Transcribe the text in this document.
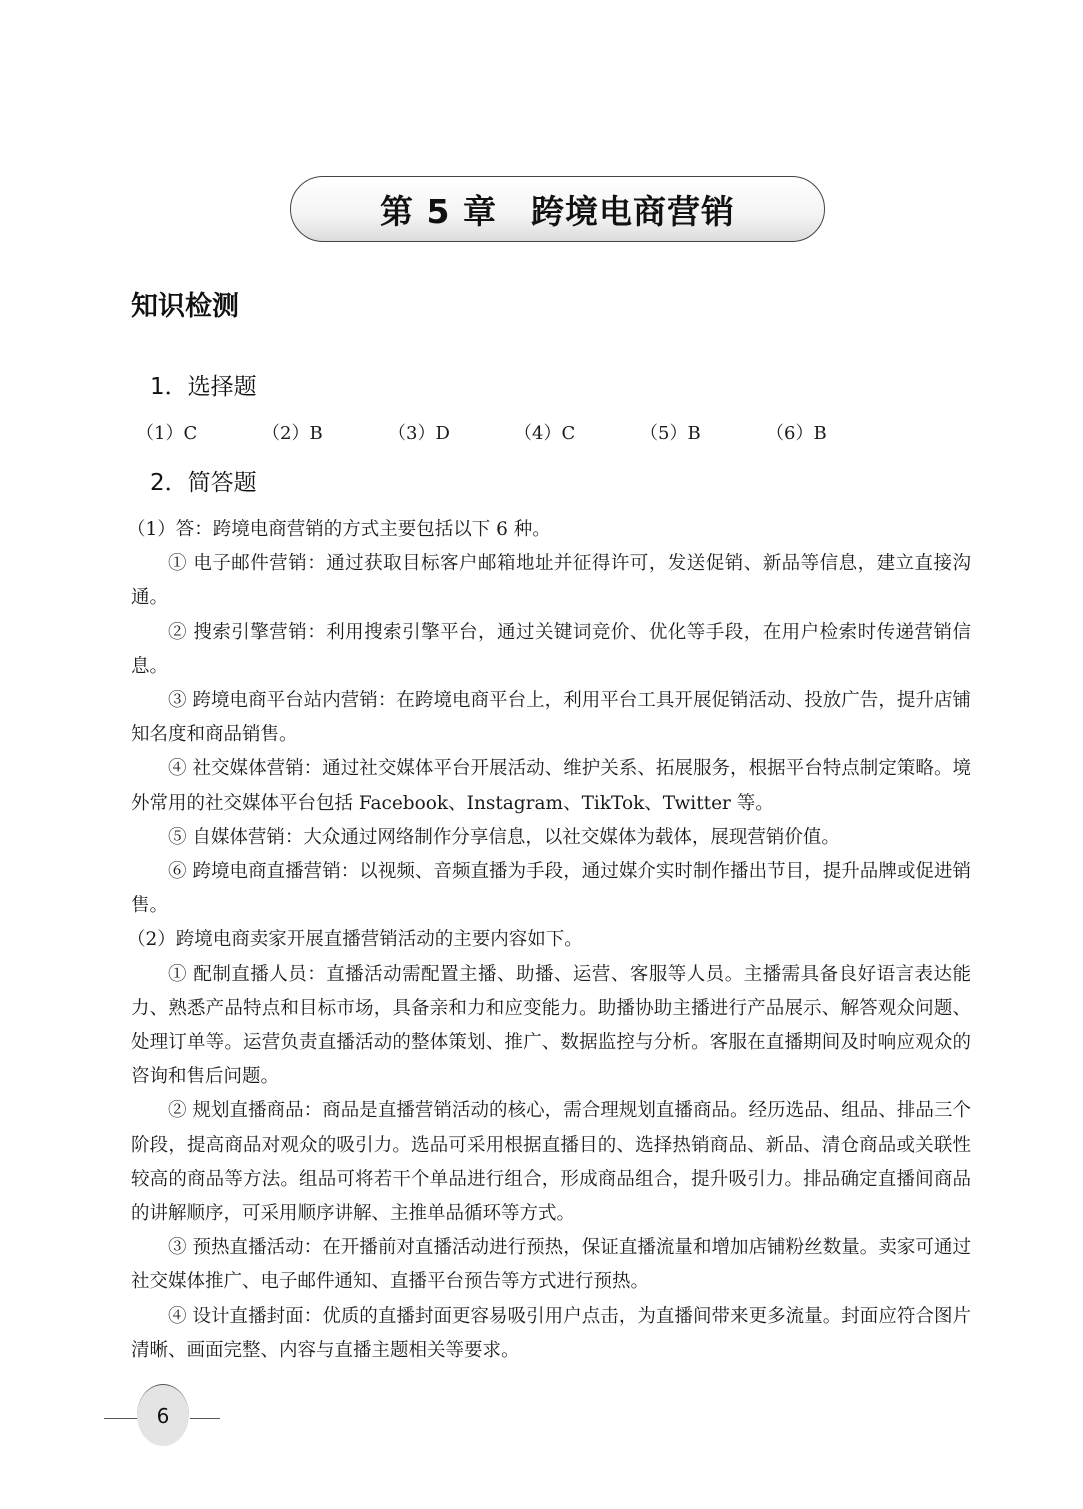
第 5 章　跨境电商营销
知识检测
1．选择题
（1）C	（2）B	（3）D	（4）C	（5）B	（6）B
2．简答题

（1）答：跨境电商营销的方式主要包括以下 6 种。

① 电子邮件营销：通过获取目标客户邮箱地址并征得许可，发送促销、新品等信息，建立直接沟通。

② 搜索引擎营销：利用搜索引擎平台，通过关键词竞价、优化等手段，在用户检索时传递营销信息。

③ 跨境电商平台站内营销：在跨境电商平台上，利用平台工具开展促销活动、投放广告，提升店铺知名度和商品销售。

④ 社交媒体营销：通过社交媒体平台开展活动、维护关系、拓展服务，根据平台特点制定策略。境外常用的社交媒体平台包括 Facebook、Instagram、TikTok、Twitter 等。

⑤ 自媒体营销：大众通过网络制作分享信息，以社交媒体为载体，展现营销价值。

⑥ 跨境电商直播营销：以视频、音频直播为手段，通过媒介实时制作播出节目，提升品牌或促进销售。

（2）跨境电商卖家开展直播营销活动的主要内容如下。

① 配制直播人员：直播活动需配置主播、助播、运营、客服等人员。主播需具备良好语言表达能力、熟悉产品特点和目标市场，具备亲和力和应变能力。助播协助主播进行产品展示、解答观众问题、处理订单等。运营负责直播活动的整体策划、推广、数据监控与分析。客服在直播期间及时响应观众的咨询和售后问题。

② 规划直播商品：商品是直播营销活动的核心，需合理规划直播商品。经历选品、组品、排品三个阶段，提高商品对观众的吸引力。选品可采用根据直播目的、选择热销商品、新品、清仓商品或关联性较高的商品等方法。组品可将若干个单品进行组合，形成商品组合，提升吸引力。排品确定直播间商品的讲解顺序，可采用顺序讲解、主推单品循环等方式。

③ 预热直播活动：在开播前对直播活动进行预热，保证直播流量和增加店铺粉丝数量。卖家可通过社交媒体推广、电子邮件通知、直播平台预告等方式进行预热。

④ 设计直播封面：优质的直播封面更容易吸引用户点击，为直播间带来更多流量。封面应符合图片清晰、画面完整、内容与直播主题相关等要求。

6
